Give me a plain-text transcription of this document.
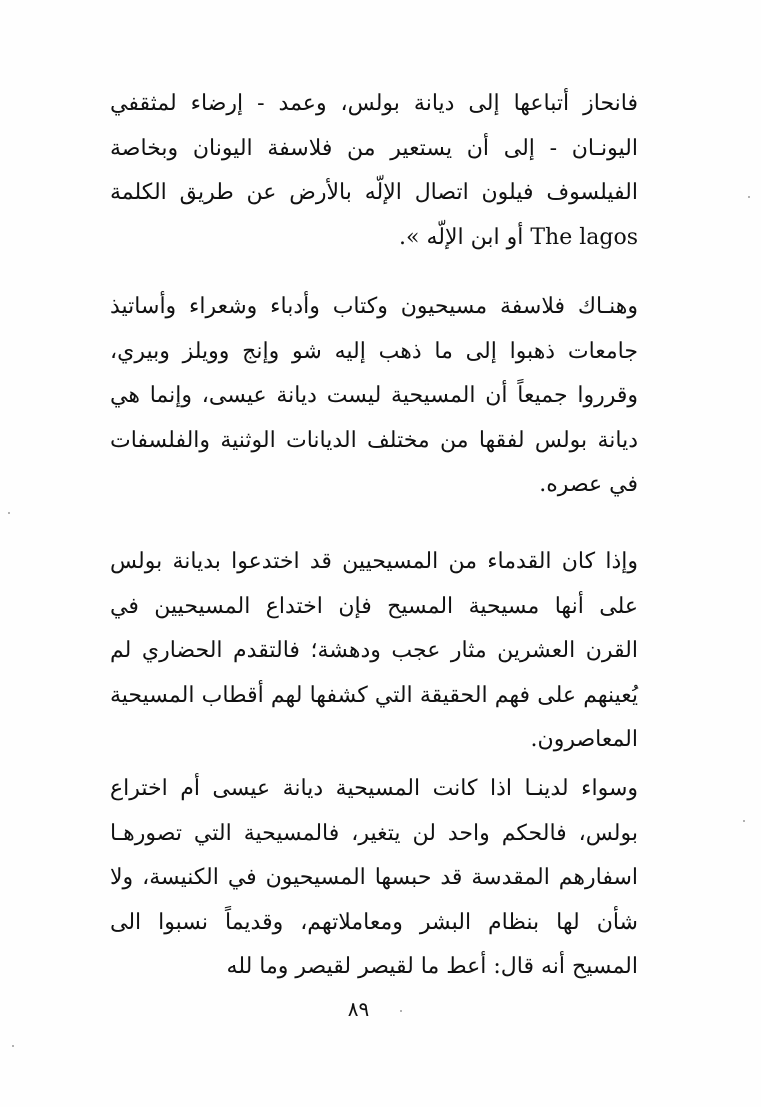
فانحاز أتباعها إلى ديانة بولس، وعمد - إرضاء لمثقفي اليونـان - إلى أن يستعير من فلاسفة اليونان وبخاصة الفيلسوف فيلون اتصال الإلّه بالأرض عن طريق الكلمة The lagos أو ابن الإلّه ».

وهنـاك فلاسفة مسيحيون وكتاب وأدباء وشعراء وأساتيذ جامعات ذهبوا إلى ما ذهب إليه شو وإنج وويلز وبيري، وقرروا جميعاً أن المسيحية ليست ديانة عيسى، وإنما هي ديانة بولس لفقها من مختلف الديانات الوثنية والفلسفات في عصره.

وإذا كان القدماء من المسيحيين قد اختدعوا بديانة بولس على أنها مسيحية المسيح فإن اختداع المسيحيين في القرن العشرين مثار عجب ودهشة؛ فالتقدم الحضاري لم يُعينهم على فهم الحقيقة التي كشفها لهم أقطاب المسيحية المعاصرون.

وسواء لدينـا اذا كانت المسيحية ديانة عيسى أم اختراع بولس، فالحكم واحد لن يتغير، فالمسيحية التي تصورهـا اسفارهم المقدسة قد حبسها المسيحيون في الكنيسة، ولا شأن لها بنظام البشر ومعاملاتهم، وقديماً نسبوا الى المسيح أنه قال: أعط ما لقيصر لقيصر وما لله

٨٩
